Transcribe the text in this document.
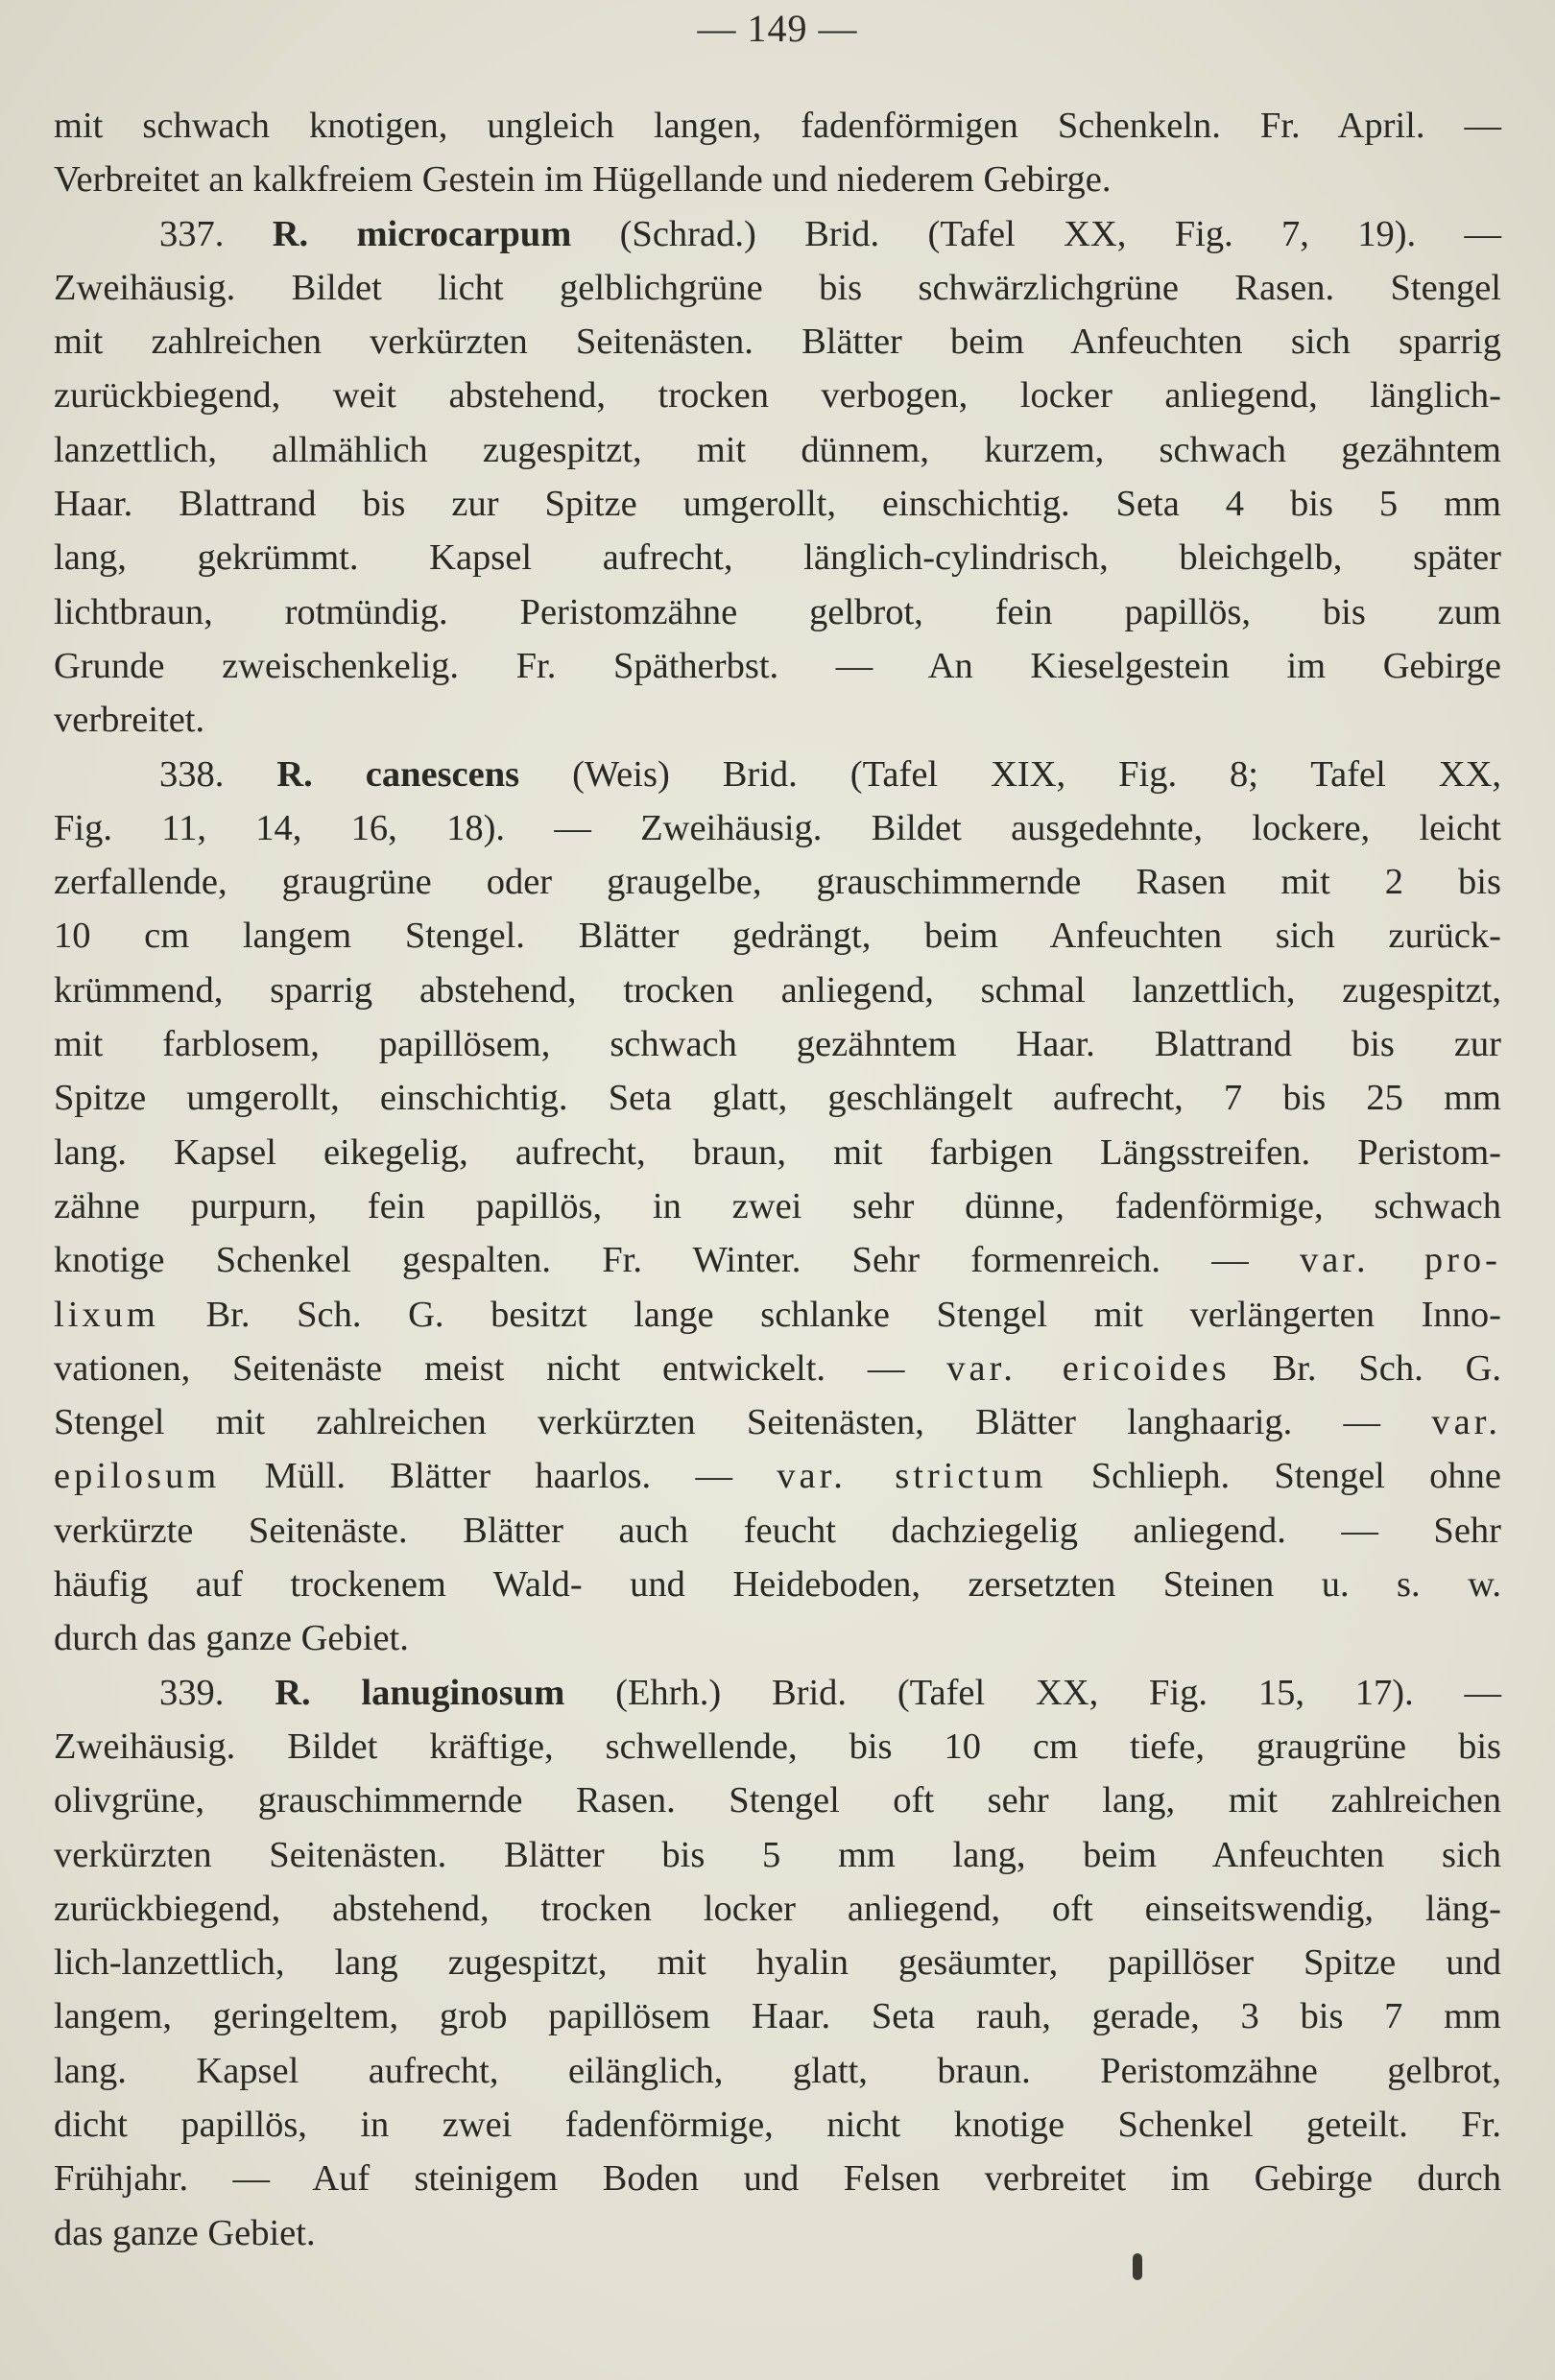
— 149 —
mit schwach knotigen, ungleich langen, fadenförmigen Schenkeln. Fr. April. —
Verbreitet an kalkfreiem Gestein im Hügellande und niederem Gebirge.
337. R. microcarpum (Schrad.) Brid. (Tafel XX, Fig. 7, 19). —
Zweihäusig. Bildet licht gelblichgrüne bis schwärzlichgrüne Rasen. Stengel
mit zahlreichen verkürzten Seitenästen. Blätter beim Anfeuchten sich sparrig
zurückbiegend, weit abstehend, trocken verbogen, locker anliegend, länglich-
lanzettlich, allmählich zugespitzt, mit dünnem, kurzem, schwach gezähntem
Haar. Blattrand bis zur Spitze umgerollt, einschichtig. Seta 4 bis 5 mm
lang, gekrümmt. Kapsel aufrecht, länglich-cylindrisch, bleichgelb, später
lichtbraun, rotmündig. Peristomzähne gelbrot, fein papillös, bis zum
Grunde zweischenkelig. Fr. Spätherbst. — An Kieselgestein im Gebirge
verbreitet.
338. R. canescens (Weis) Brid. (Tafel XIX, Fig. 8; Tafel XX,
Fig. 11, 14, 16, 18). — Zweihäusig. Bildet ausgedehnte, lockere, leicht
zerfallende, graugrüne oder graugelbe, grauschimmernde Rasen mit 2 bis
10 cm langem Stengel. Blätter gedrängt, beim Anfeuchten sich zurück-
krümmend, sparrig abstehend, trocken anliegend, schmal lanzettlich, zugespitzt,
mit farblosem, papillösem, schwach gezähntem Haar. Blattrand bis zur
Spitze umgerollt, einschichtig. Seta glatt, geschlängelt aufrecht, 7 bis 25 mm
lang. Kapsel eikegelig, aufrecht, braun, mit farbigen Längsstreifen. Peristom-
zähne purpurn, fein papillös, in zwei sehr dünne, fadenförmige, schwach
knotige Schenkel gespalten. Fr. Winter. Sehr formenreich. — var. pro-
lixum Br. Sch. G. besitzt lange schlanke Stengel mit verlängerten Inno-
vationen, Seitenäste meist nicht entwickelt. — var. ericoides Br. Sch. G.
Stengel mit zahlreichen verkürzten Seitenästen, Blätter langhaarig. — var.
epilosum Müll. Blätter haarlos. — var. strictum Schlieph. Stengel ohne
verkürzte Seitenäste. Blätter auch feucht dachziegelig anliegend. — Sehr
häufig auf trockenem Wald- und Heideboden, zersetzten Steinen u. s. w.
durch das ganze Gebiet.
339. R. lanuginosum (Ehrh.) Brid. (Tafel XX, Fig. 15, 17). —
Zweihäusig. Bildet kräftige, schwellende, bis 10 cm tiefe, graugrüne bis
olivgrüne, grauschimmernde Rasen. Stengel oft sehr lang, mit zahlreichen
verkürzten Seitenästen. Blätter bis 5 mm lang, beim Anfeuchten sich
zurückbiegend, abstehend, trocken locker anliegend, oft einseitswendig, läng-
lich-lanzettlich, lang zugespitzt, mit hyalin gesäumter, papillöser Spitze und
langem, geringeltem, grob papillösem Haar. Seta rauh, gerade, 3 bis 7 mm
lang. Kapsel aufrecht, eilänglich, glatt, braun. Peristomzähne gelbrot,
dicht papillös, in zwei fadenförmige, nicht knotige Schenkel geteilt. Fr.
Frühjahr. — Auf steinigem Boden und Felsen verbreitet im Gebirge durch
das ganze Gebiet.
